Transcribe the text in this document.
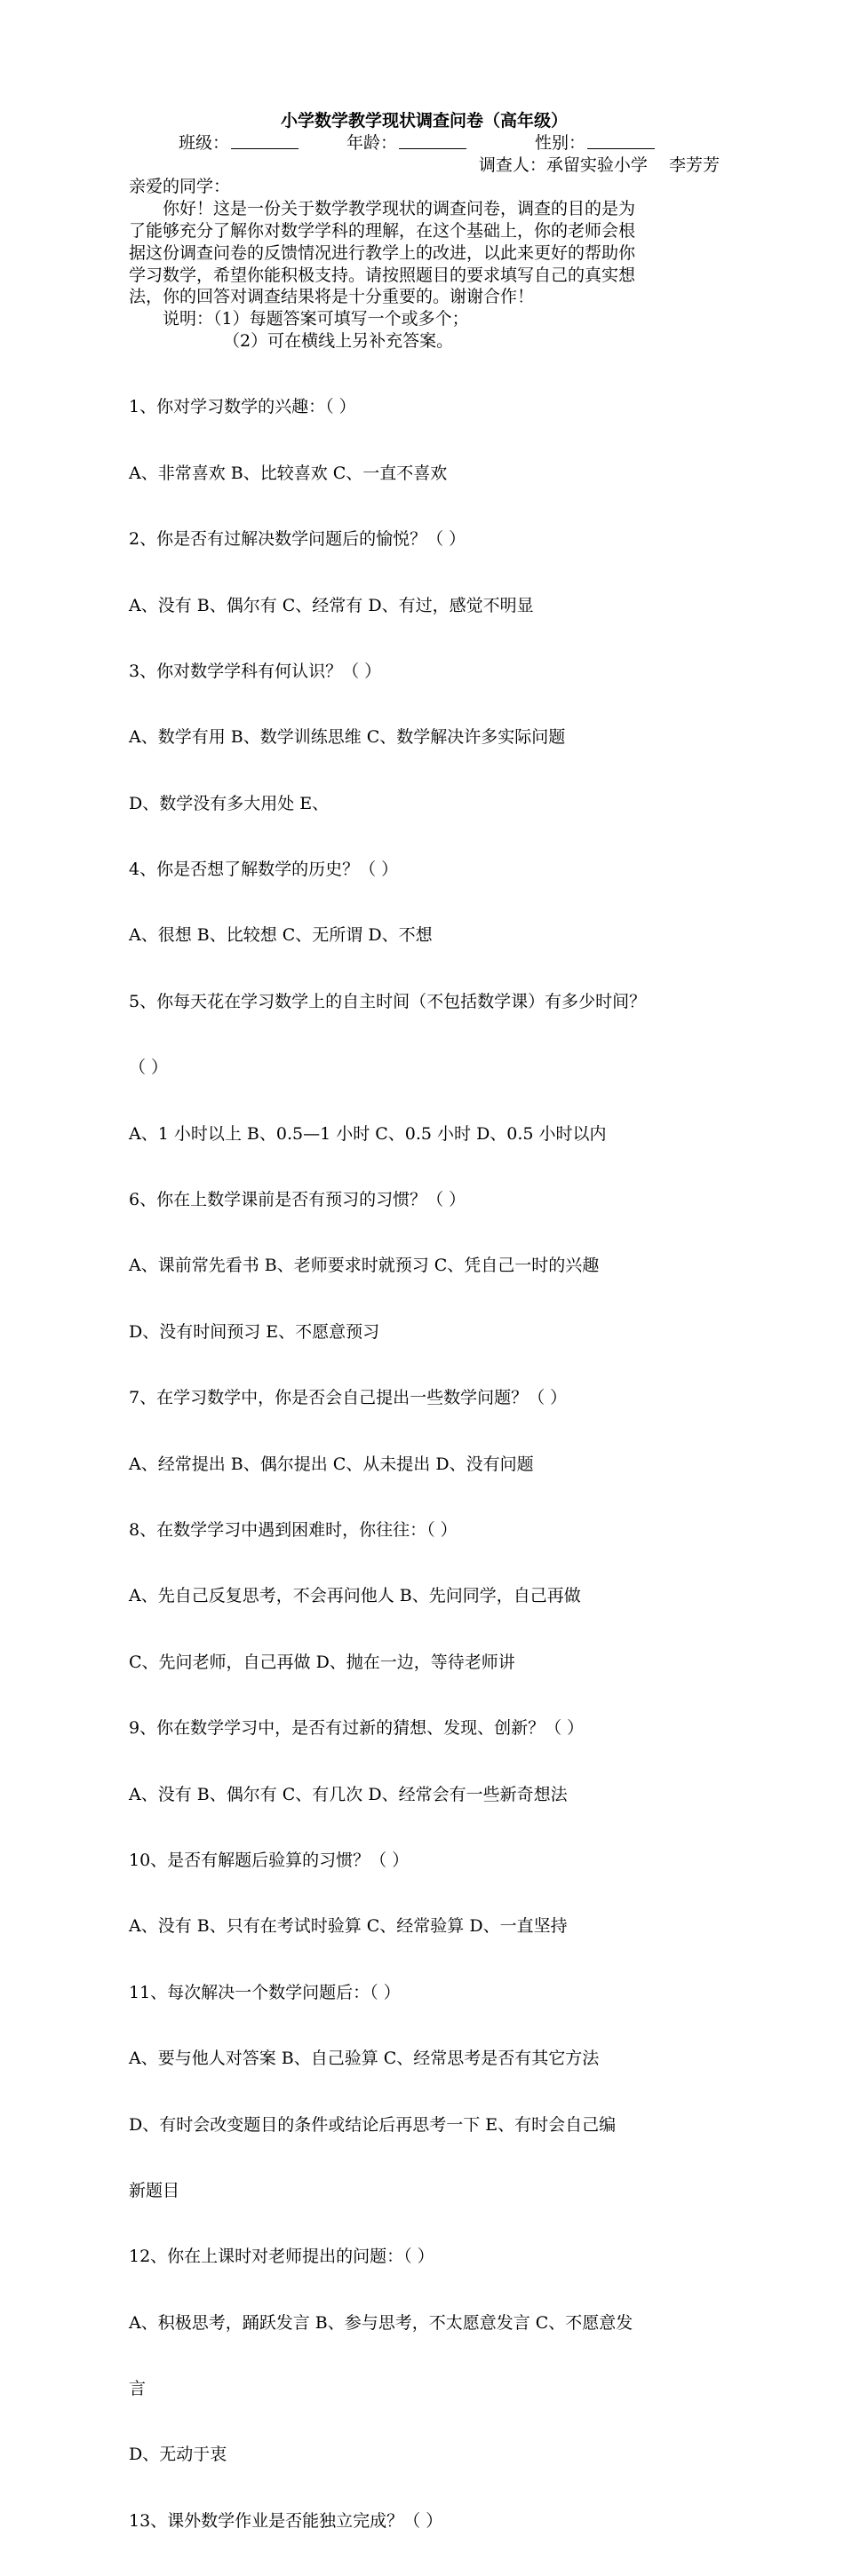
小学数学教学现状调查问卷（高年级）
班级：	年龄：	性别：
调查人：承留实验小学    李芳芳
亲爱的同学：
你好！这是一份关于数学教学现状的调查问卷，调查的目的是为
了能够充分了解你对数学学科的理解，在这个基础上，你的老师会根
据这份调查问卷的反馈情况进行教学上的改进，以此来更好的帮助你
学习数学，希望你能积极支持。请按照题目的要求填写自己的真实想
法，你的回答对调查结果将是十分重要的。谢谢合作！
说明：（1）每题答案可填写一个或多个；
（2）可在横线上另补充答案。

1、你对学习数学的兴趣：（ ）

A、非常喜欢 B、比较喜欢 C、一直不喜欢

2、你是否有过解决数学问题后的愉悦？（ ）

A、没有 B、偶尔有 C、经常有 D、有过，感觉不明显

3、你对数学学科有何认识？（ ）

A、数学有用 B、数学训练思维 C、数学解决许多实际问题

D、数学没有多大用处 E、

4、你是否想了解数学的历史？（ ）

A、很想 B、比较想 C、无所谓 D、不想

5、你每天花在学习数学上的自主时间（不包括数学课）有多少时间？

（ ）

A、1 小时以上 B、0.5—1 小时 C、0.5 小时 D、0.5 小时以内

6、你在上数学课前是否有预习的习惯？（ ）

A、课前常先看书 B、老师要求时就预习 C、凭自己一时的兴趣

D、没有时间预习 E、不愿意预习

7、在学习数学中，你是否会自己提出一些数学问题？（ ）

A、经常提出 B、偶尔提出 C、从未提出 D、没有问题

8、在数学学习中遇到困难时，你往往：（ ）

A、先自己反复思考，不会再问他人 B、先问同学，自己再做

C、先问老师，自己再做 D、抛在一边，等待老师讲

9、你在数学学习中，是否有过新的猜想、发现、创新？（ ）

A、没有 B、偶尔有 C、有几次 D、经常会有一些新奇想法

10、是否有解题后验算的习惯？（ ）

A、没有 B、只有在考试时验算 C、经常验算 D、一直坚持

11、每次解决一个数学问题后：（ ）

A、要与他人对答案 B、自己验算 C、经常思考是否有其它方法

D、有时会改变题目的条件或结论后再思考一下 E、有时会自己编

新题目

12、你在上课时对老师提出的问题：（ ）

A、积极思考，踊跃发言 B、参与思考，不太愿意发言 C、不愿意发

言

D、无动于衷

13、课外数学作业是否能独立完成？（ ）
